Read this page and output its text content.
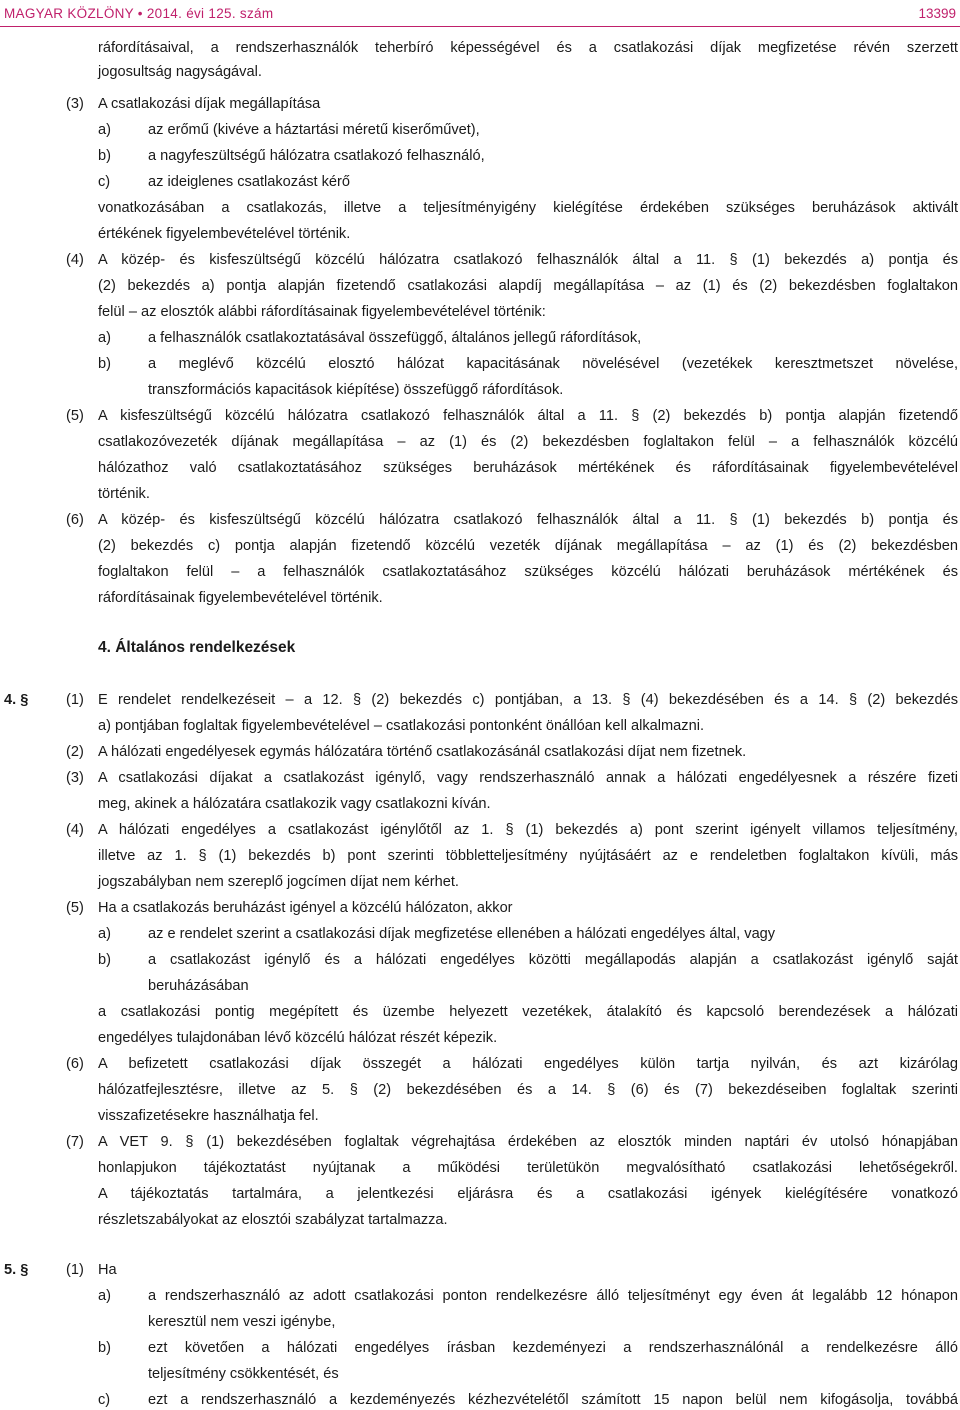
MAGYAR KÖZLÖNY • 2014. évi 125. szám	13399
ráfordításaival, a rendszerhasználók teherbíró képességével és a csatlakozási díjak megfizetése révén szerzett
jogosultság nagyságával.
(3) A csatlakozási díjak megállapítása
a)	az erőmű (kivéve a háztartási méretű kiserőművet),
b)	a nagyfeszültségű hálózatra csatlakozó felhasználó,
c)	az ideiglenes csatlakozást kérő
vonatkozásában a csatlakozás, illetve a teljesítményigény kielégítése érdekében szükséges beruházások aktivált
értékének figyelembevételével történik.
(4) A közép- és kisfeszültségű közcélú hálózatra csatlakozó felhasználók által a 11. § (1) bekezdés a) pontja és
(2) bekezdés a) pontja alapján fizetendő csatlakozási alapdíj megállapítása – az (1) és (2) bekezdésben foglaltakon
felül – az elosztók alábbi ráfordításainak figyelembevételével történik:
a)	a felhasználók csatlakoztatásával összefüggő, általános jellegű ráfordítások,
b)	a meglévő közcélú elosztó hálózat kapacitásának növelésével (vezetékek keresztmetszet növelése,
transzformációs kapacitások kiépítése) összefüggő ráfordítások.
(5) A kisfeszültségű közcélú hálózatra csatlakozó felhasználók által a 11. § (2) bekezdés b) pontja alapján fizetendő
csatlakozóvezeték díjának megállapítása – az (1) és (2) bekezdésben foglaltakon felül – a felhasználók közcélú
hálózathoz való csatlakoztatásához szükséges beruházások mértékének és ráfordításainak figyelembevételével
történik.
(6) A közép- és kisfeszültségű közcélú hálózatra csatlakozó felhasználók által a 11. § (1) bekezdés b) pontja és
(2) bekezdés c) pontja alapján fizetendő közcélú vezeték díjának megállapítása – az (1) és (2) bekezdésben
foglaltakon felül – a felhasználók csatlakoztatásához szükséges közcélú hálózati beruházások mértékének és
ráfordításainak figyelembevételével történik.
4. Általános rendelkezések
4. §	(1) E rendelet rendelkezéseit – a 12. § (2) bekezdés c) pontjában, a 13. § (4) bekezdésében és a 14. § (2) bekezdés
a) pontjában foglaltak figyelembevételével – csatlakozási pontonként önállóan kell alkalmazni.
(2) A hálózati engedélyesek egymás hálózatára történő csatlakozásánál csatlakozási díjat nem fizetnek.
(3) A csatlakozási díjakat a csatlakozást igénylő, vagy rendszerhasználó annak a hálózati engedélyesnek a részére fizeti
meg, akinek a hálózatára csatlakozik vagy csatlakozni kíván.
(4) A hálózati engedélyes a csatlakozást igénylőtől az 1. § (1) bekezdés a) pont szerint igényelt villamos teljesítmény,
illetve az 1. § (1) bekezdés b) pont szerinti többletteljesítmény nyújtásáért az e rendeletben foglaltakon kívüli, más
jogszabályban nem szereplő jogcímen díjat nem kérhet.
(5) Ha a csatlakozás beruházást igényel a közcélú hálózaton, akkor
a)	az e rendelet szerint a csatlakozási díjak megfizetése ellenében a hálózati engedélyes által, vagy
b)	a csatlakozást igénylő és a hálózati engedélyes közötti megállapodás alapján a csatlakozást igénylő saját
beruházásában
a csatlakozási pontig megépített és üzembe helyezett vezetékek, átalakító és kapcsoló berendezések a hálózati
engedélyes tulajdonában lévő közcélú hálózat részét képezik.
(6) A befizetett csatlakozási díjak összegét a hálózati engedélyes külön tartja nyilván, és azt kizárólag
hálózatfejlesztésre, illetve az 5. § (2) bekezdésében és a 14. § (6) és (7) bekezdéseiben foglaltak szerinti
visszafizetésekre használhatja fel.
(7) A VET 9. § (1) bekezdésében foglaltak végrehajtása érdekében az elosztók minden naptári év utolsó hónapjában
honlapjukon tájékoztatást nyújtanak a működési területükön megvalósítható csatlakozási lehetőségekről.
A tájékoztatás tartalmára, a jelentkezési eljárásra és a csatlakozási igények kielégítésére vonatkozó
részletszabályokat az elosztói szabályzat tartalmazza.
5. §	(1) Ha
a)	a rendszerhasználó az adott csatlakozási ponton rendelkezésre álló teljesítményt egy éven át legalább 12 hónapon
keresztül nem veszi igénybe,
b)	ezt követően a hálózati engedélyes írásban kezdeményezi a rendszerhasználónál a rendelkezésre álló
teljesítmény csökkentését, és
c)	ezt a rendszerhasználó a kezdeményezés kézhezvételétől számított 15 napon belül nem kifogásolja, továbbá
